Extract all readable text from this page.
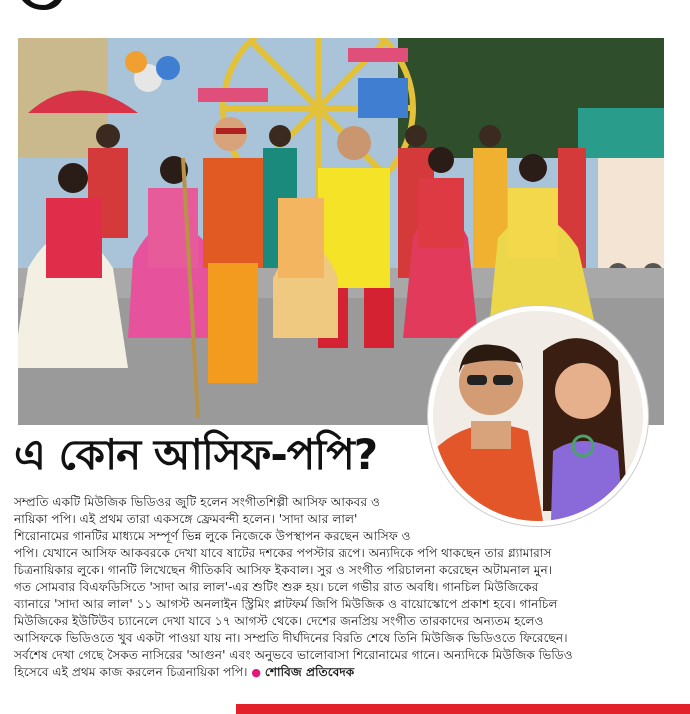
এ কোন আসিফ-পপি?
সম্প্রতি একটি মিউজিক ভিডিওর জুটি হলেন সংগীতশিল্পী আসিফ আকবর ও
নায়িকা পপি। এই প্রথম তারা একসঙ্গে ফ্রেমবন্দী হলেন। 'সাদা আর লাল'
শিরোনামের গানটির মাধ্যমে সম্পূর্ণ ভিন্ন লুকে নিজেকে উপস্থাপন করছেন আসিফ ও
পপি। যেখানে আসিফ আকবরকে দেখা যাবে ষাটের দশকের পপস্টার রূপে। অন্যদিকে পপি থাকছেন তার গ্ল্যামারাস
চিত্রনায়িকার লুকে। গানটি লিখেছেন গীতিকবি আসিফ ইকবাল। সুর ও সংগীত পরিচালনা করেছেন অটামনাল মুন।
গত সোমবার বিএফডিসিতে 'সাদা আর লাল'-এর শুটিং শুরু হয়। চলে গভীর রাত অবধি। গানচিল মিউজিকের
ব্যানারে 'সাদা আর লাল' ১১ আগস্ট অনলাইন স্ট্রিমিং প্লাটফর্ম জিপি মিউজিক ও বায়োস্কোপে প্রকাশ হবে। গানচিল
মিউজিকের ইউটিউব চ্যানেলে দেখা যাবে ১৭ আগস্ট থেকে। দেশের জনপ্রিয় সংগীত তারকাদের অন্যতম হলেও
আসিফকে ভিডিওতে খুব একটা পাওয়া যায় না। সম্প্রতি দীর্ঘদিনের বিরতি শেষে তিনি মিউজিক ভিডিওতে ফিরেছেন।
সর্বশেষ দেখা গেছে সৈকত নাসিরের 'আগুন' এবং অনুভবে ভালোবাসা শিরোনামের গানে। অন্যদিকে মিউজিক ভিডিও
হিসেবে এই প্রথম কাজ করলেন চিত্রনায়িকা পপি। ● শোবিজ প্রতিবেদক
